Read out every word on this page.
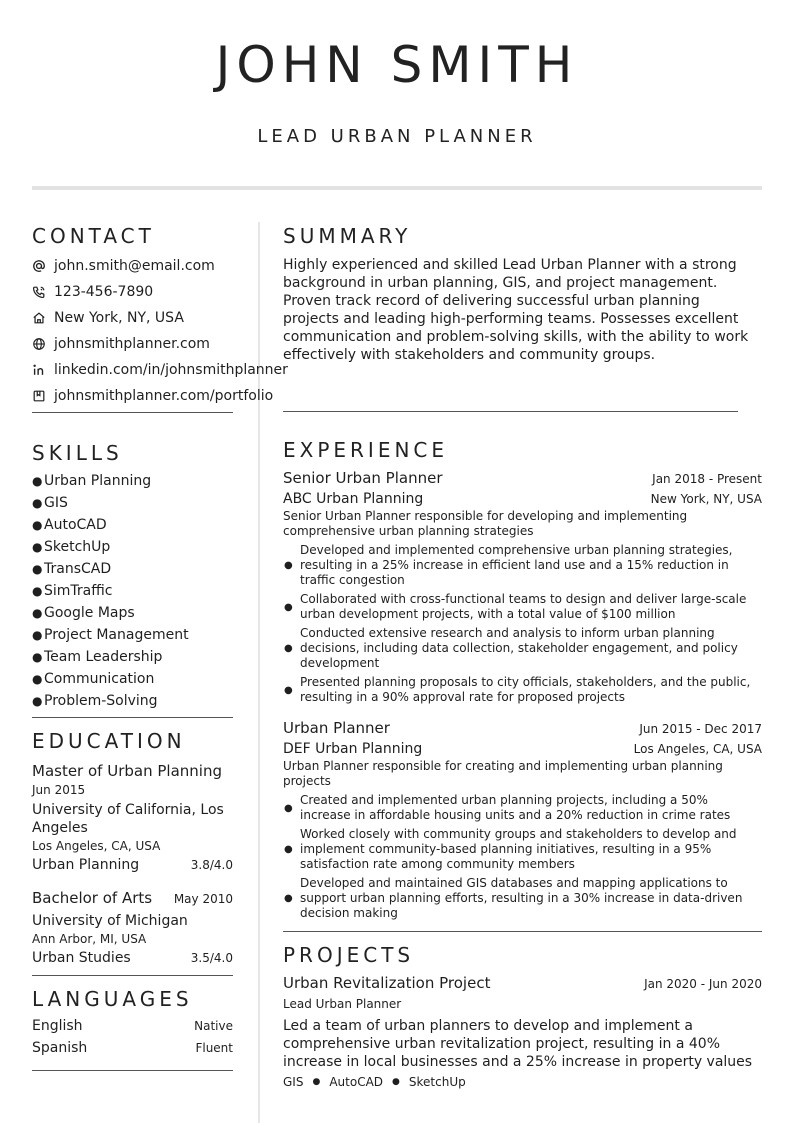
JOHN SMITH
LEAD URBAN PLANNER
CONTACT
john.smith@email.com
123-456-7890
New York, NY, USA
johnsmithplanner.com
linkedin.com/in/johnsmithplanner
johnsmithplanner.com/portfolio
SKILLS
● Urban Planning
● GIS
● AutoCAD
● SketchUp
● TransCAD
● SimTraffic
● Google Maps
● Project Management
● Team Leadership
● Communication
● Problem-Solving
EDUCATION
Master of Urban Planning
Jun 2015
University of California, Los Angeles
Los Angeles, CA, USA
Urban Planning	3.8/4.0
Bachelor of Arts May 2010
University of Michigan
Ann Arbor, MI, USA
Urban Studies	3.5/4.0
LANGUAGES
English	Native
Spanish	Fluent
SUMMARY
Highly experienced and skilled Lead Urban Planner with a strong background in urban planning, GIS, and project management. Proven track record of delivering successful urban planning projects and leading high-performing teams. Possesses excellent communication and problem-solving skills, with the ability to work effectively with stakeholders and community groups.
EXPERIENCE
Senior Urban Planner	Jan 2018 - Present
ABC Urban Planning	New York, NY, USA
Senior Urban Planner responsible for developing and implementing comprehensive urban planning strategies
●
Developed and implemented comprehensive urban planning strategies, resulting in a 25% increase in efficient land use and a 15% reduction in traffic congestion
●
Collaborated with cross-functional teams to design and deliver large-scale urban development projects, with a total value of $100 million
●
Conducted extensive research and analysis to inform urban planning decisions, including data collection, stakeholder engagement, and policy development
●
Presented planning proposals to city officials, stakeholders, and the public, resulting in a 90% approval rate for proposed projects
Urban Planner	Jun 2015 - Dec 2017
DEF Urban Planning	Los Angeles, CA, USA
Urban Planner responsible for creating and implementing urban planning projects
●
Created and implemented urban planning projects, including a 50% increase in affordable housing units and a 20% reduction in crime rates
●
Worked closely with community groups and stakeholders to develop and implement community-based planning initiatives, resulting in a 95% satisfaction rate among community members
●
Developed and maintained GIS databases and mapping applications to support urban planning efforts, resulting in a 30% increase in data-driven decision making
PROJECTS
Urban Revitalization Project	Jan 2020 - Jun 2020
Lead Urban Planner
Led a team of urban planners to develop and implement a comprehensive urban revitalization project, resulting in a 40% increase in local businesses and a 25% increase in property values
GIS ● AutoCAD ● SketchUp
